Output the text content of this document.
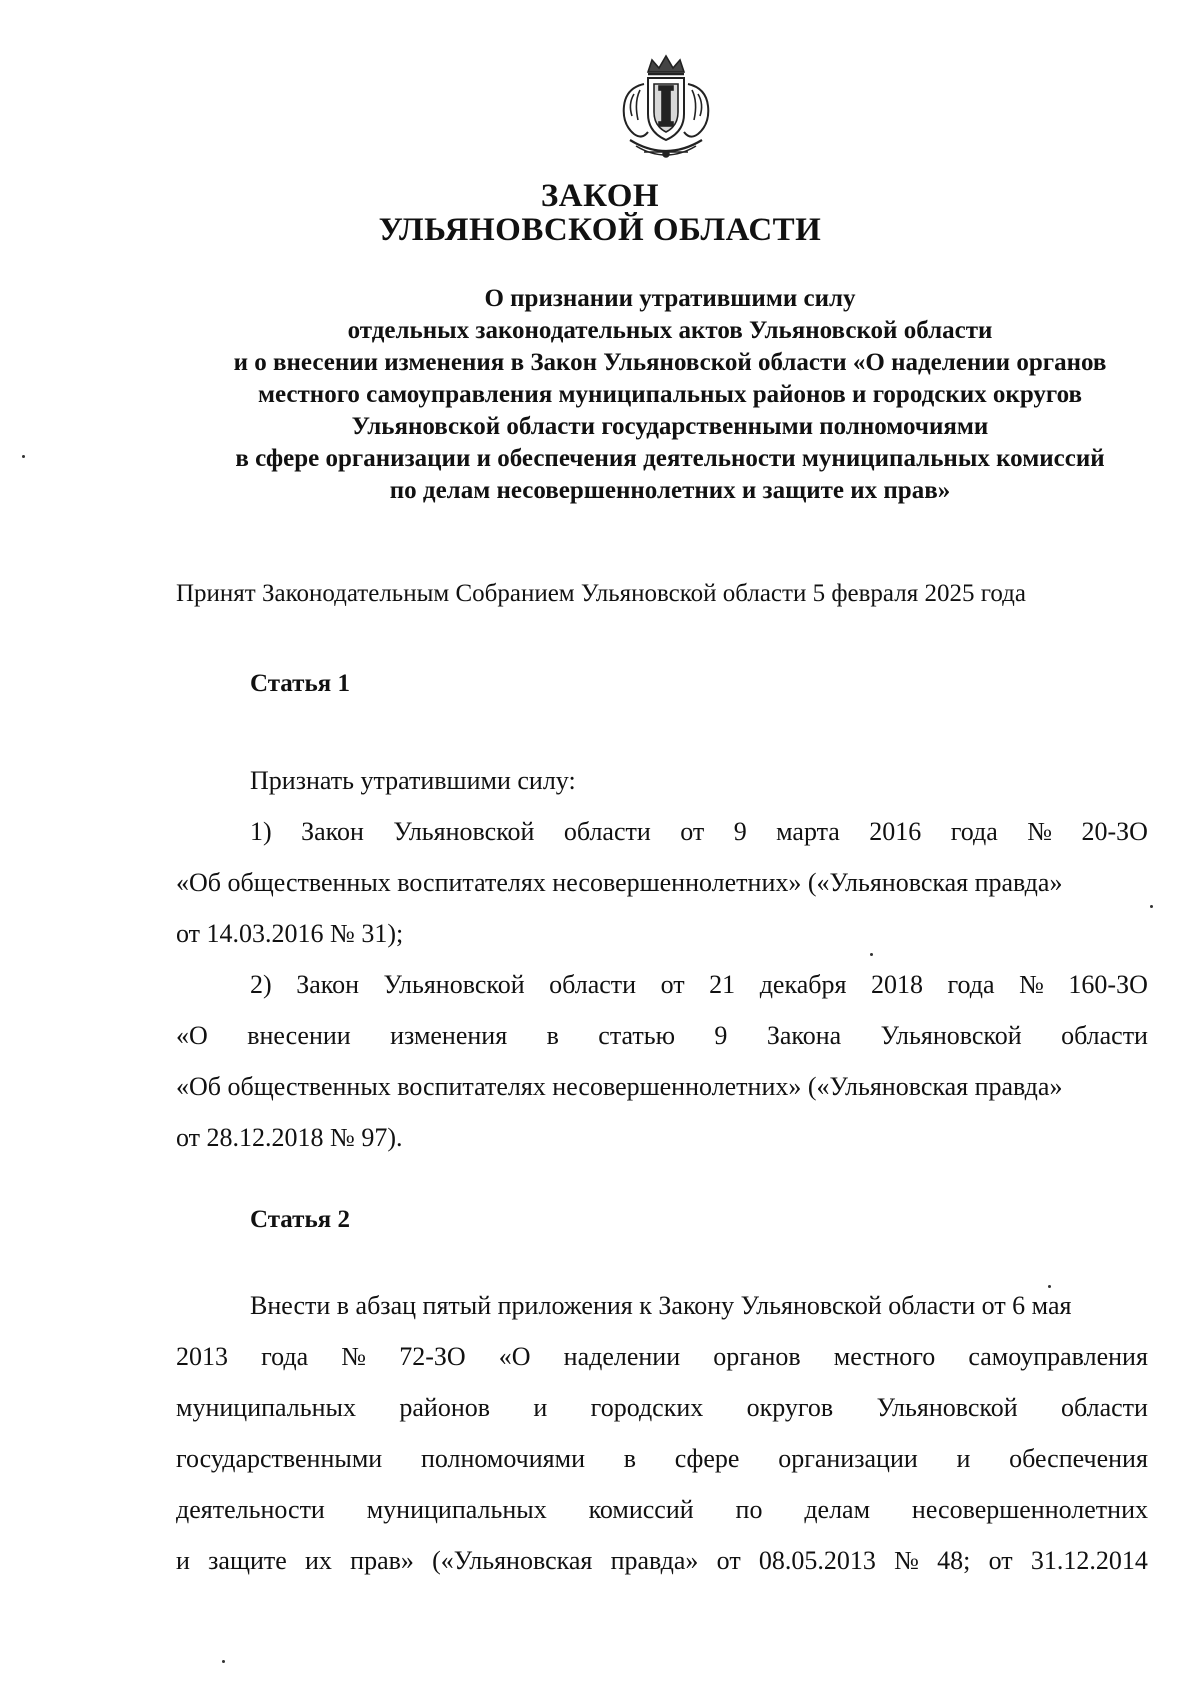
ЗАКОН
УЛЬЯНОВСКОЙ ОБЛАСТИ
О признании утратившими силу
отдельных законодательных актов Ульяновской области
и о внесении изменения в Закон Ульяновской области «О наделении органов
местного самоуправления муниципальных районов и городских округов
Ульяновской области государственными полномочиями
в сфере организации и обеспечения деятельности муниципальных комиссий
по делам несовершеннолетних и защите их прав»
Принят Законодательным Собранием Ульяновской области 5 февраля 2025 года
Статья 1
Признать утратившими силу:
1) Закон Ульяновской области от 9 марта 2016 года № 20-ЗО
«Об общественных воспитателях несовершеннолетних» («Ульяновская правда»
от 14.03.2016 № 31);
2) Закон Ульяновской области от 21 декабря 2018 года № 160-ЗО
«О внесении изменения в статью 9 Закона Ульяновской области
«Об общественных воспитателях несовершеннолетних» («Ульяновская правда»
от 28.12.2018 № 97).
Статья 2
Внести в абзац пятый приложения к Закону Ульяновской области от 6 мая
2013 года № 72-ЗО «О наделении органов местного самоуправления
муниципальных районов и городских округов Ульяновской области
государственными полномочиями в сфере организации и обеспечения
деятельности муниципальных комиссий по делам несовершеннолетних
и защите их прав» («Ульяновская правда» от 08.05.2013 № 48; от 31.12.2014
